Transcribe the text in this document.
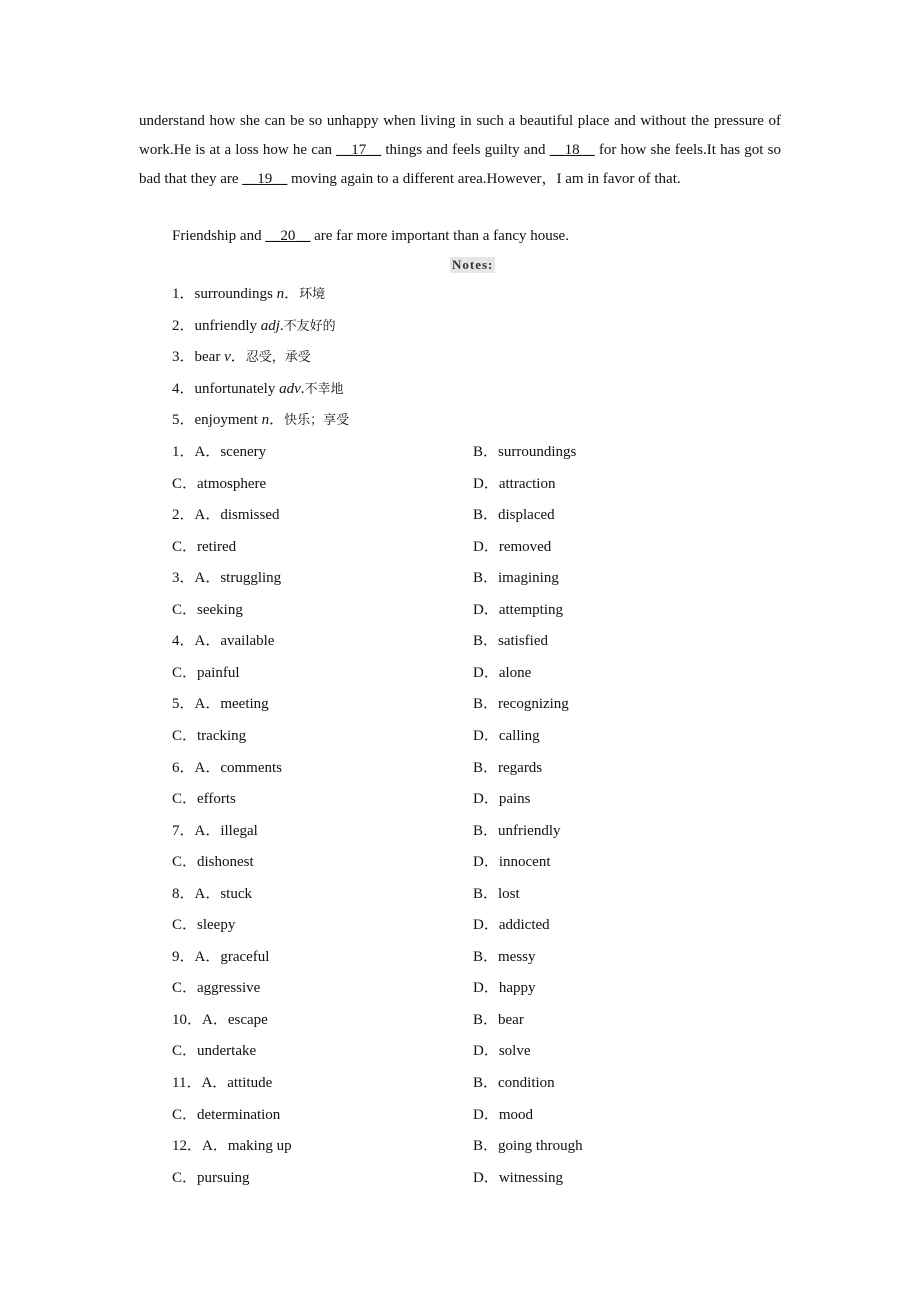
understand how she can be so unhappy when living in such a beautiful place and without the pressure of work.He is at a loss how he can __17__ things and feels guilty and __18__ for how she feels.It has got so bad that they are __19__ moving again to a different area.However，I am in favor of that.
Friendship and __20__ are far more important than a fancy house.
Notes:
1．surroundings n．环境
2．unfriendly adj.不友好的
3．bear v．忍受，承受
4．unfortunately adv.不幸地
5．enjoyment n．快乐；享受
1．A．scenery	B．surroundings
C．atmosphere	D．attraction
2．A．dismissed	B．displaced
C．retired	D．removed
3．A．struggling	B．imagining
C．seeking	D．attempting
4．A．available	B．satisfied
C．painful	D．alone
5．A．meeting	B．recognizing
C．tracking	D．calling
6．A．comments	B．regards
C．efforts	D．pains
7．A．illegal	B．unfriendly
C．dishonest	D．innocent
8．A．stuck	B．lost
C．sleepy	D．addicted
9．A．graceful	B．messy
C．aggressive	D．happy
10．A．escape	B．bear
C．undertake	D．solve
11．A．attitude	B．condition
C．determination	D．mood
12．A．making up	B．going through
C．pursuing	D．witnessing
